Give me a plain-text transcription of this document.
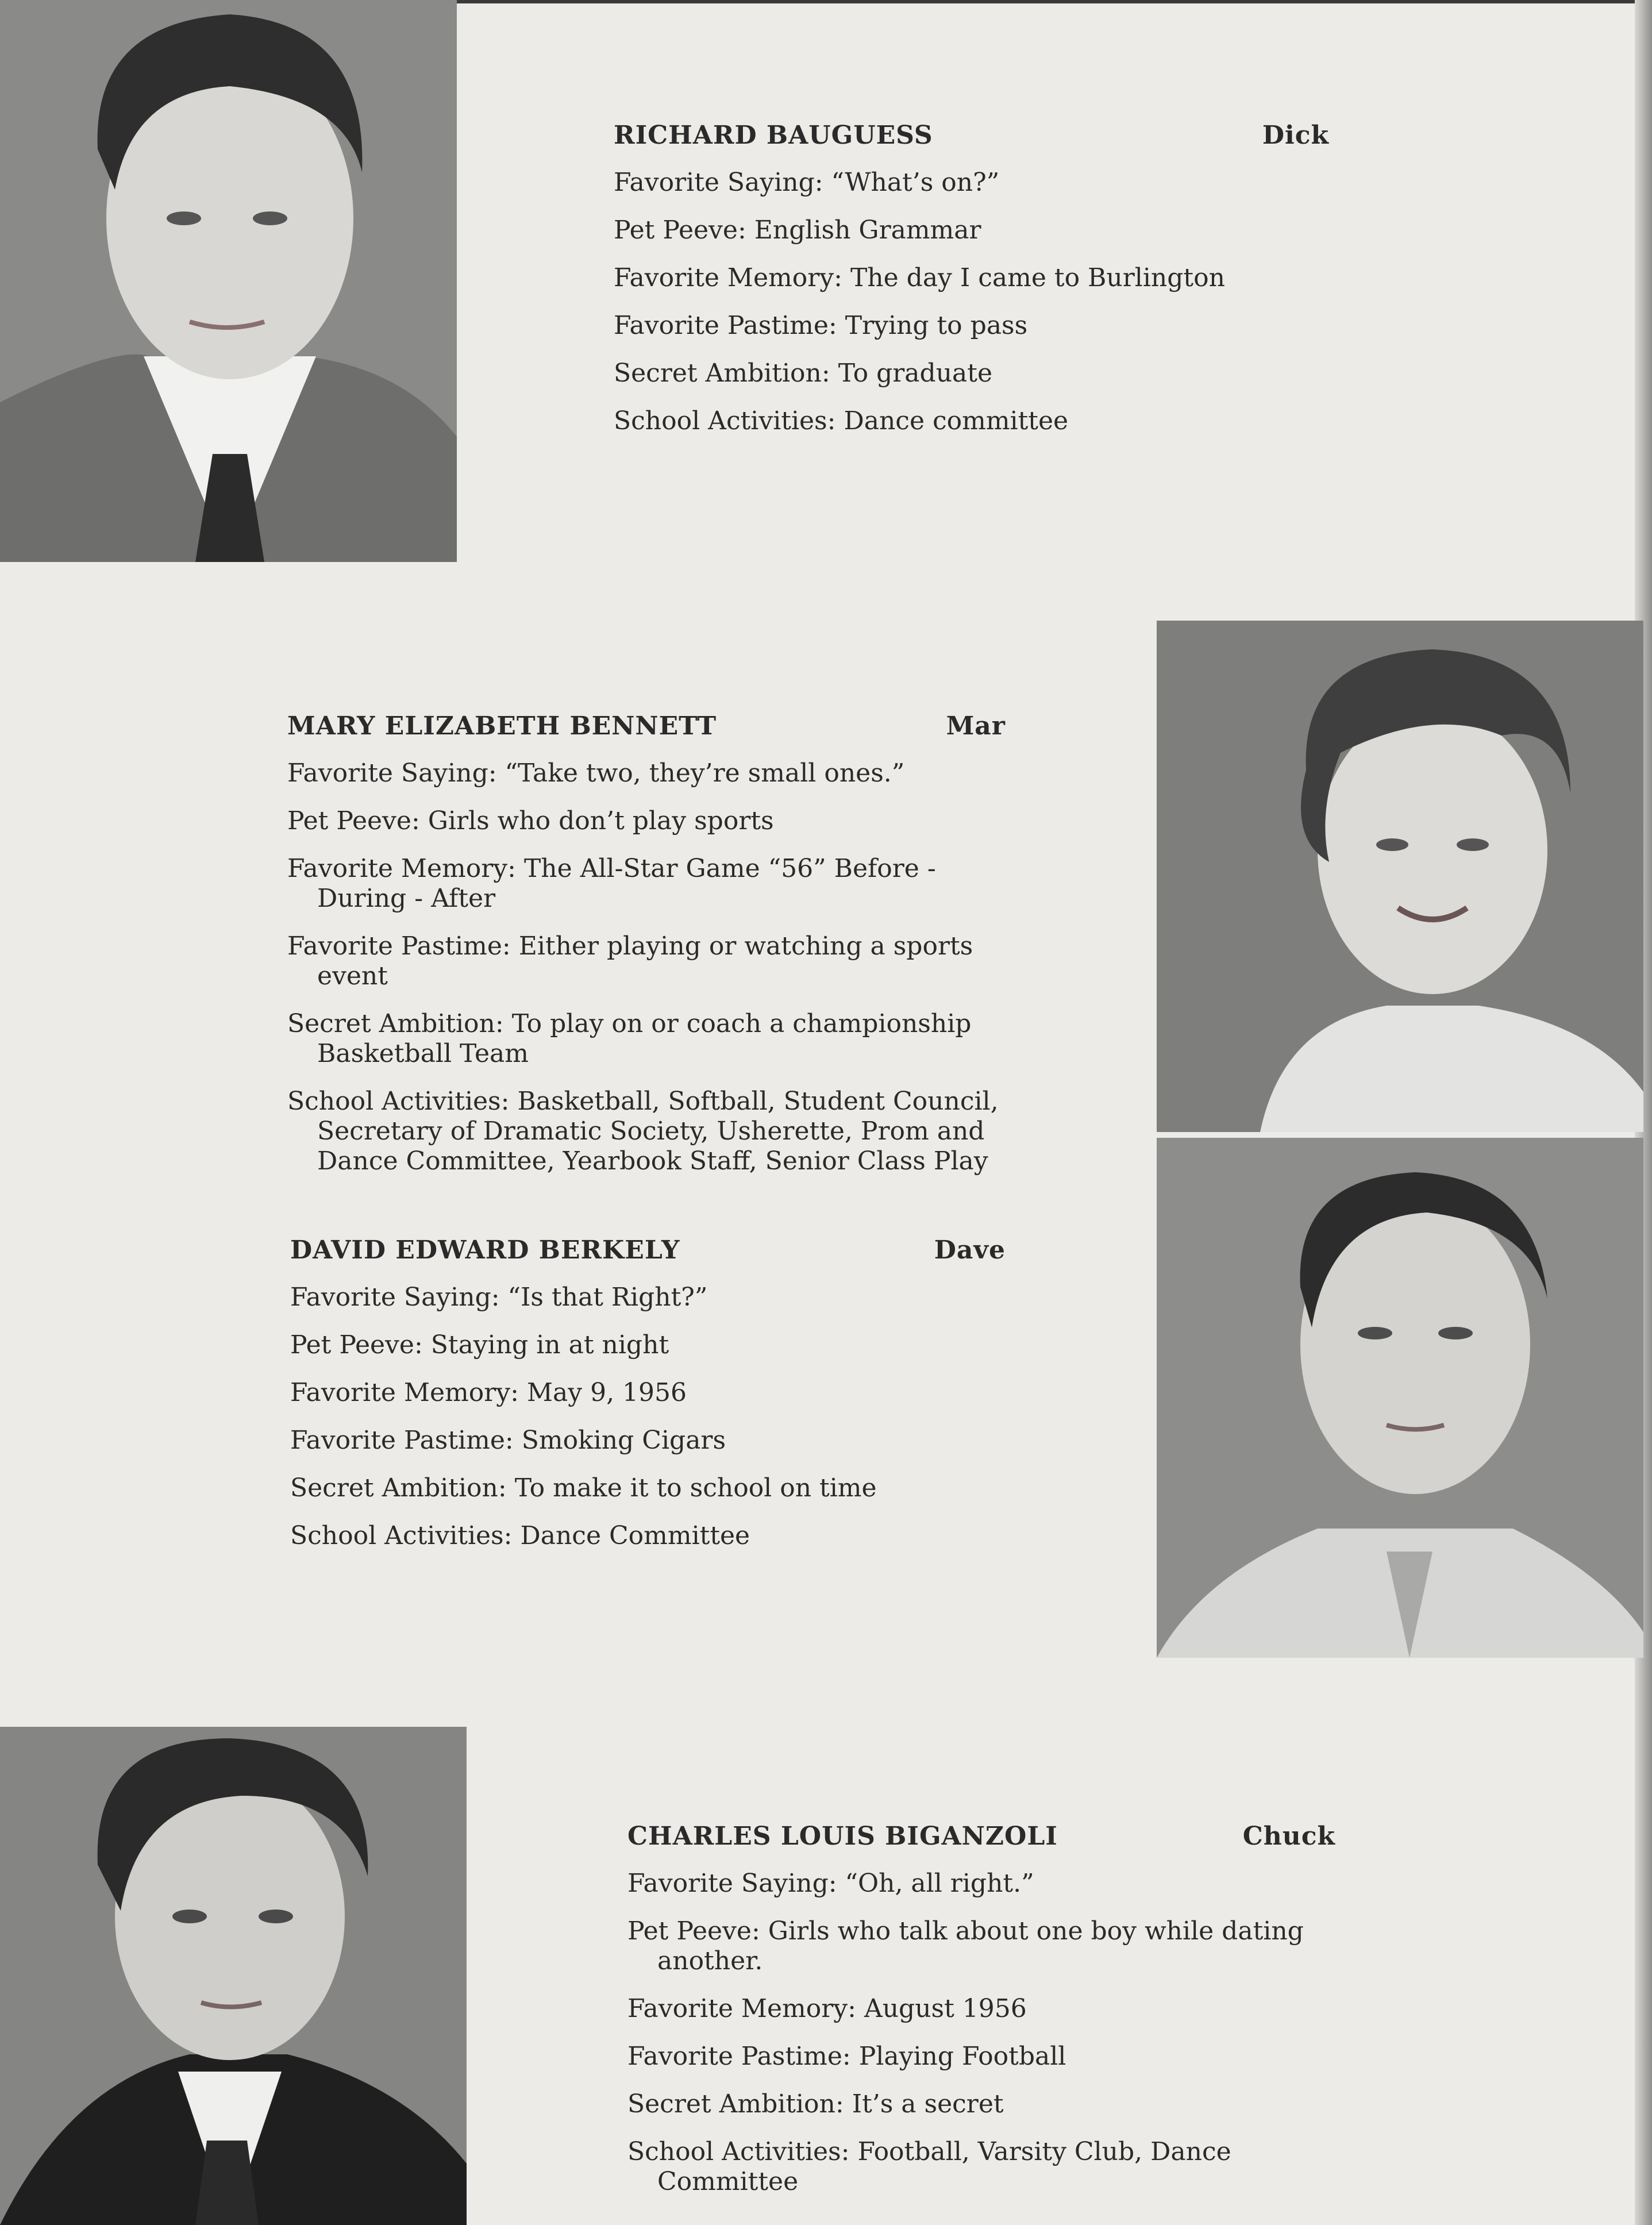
RICHARD BAUGUESS	Dick
Favorite Saying: “What’s on?”
Pet Peeve: English Grammar
Favorite Memory: The day I came to Burlington
Favorite Pastime: Trying to pass
Secret Ambition: To graduate
School Activities: Dance committee
MARY ELIZABETH BENNETT	Mar
Favorite Saying: “Take two, they’re small ones.”
Pet Peeve: Girls who don’t play sports
Favorite Memory: The All-Star Game “56” Before - During - After
Favorite Pastime: Either playing or watching a sports event
Secret Ambition: To play on or coach a championship Basketball Team
School Activities: Basketball, Softball, Student Council, Secretary of Dramatic Society, Usherette, Prom and Dance Committee, Yearbook Staff, Senior Class Play
DAVID EDWARD BERKELY	Dave
Favorite Saying: “Is that Right?”
Pet Peeve: Staying in at night
Favorite Memory: May 9, 1956
Favorite Pastime: Smoking Cigars
Secret Ambition: To make it to school on time
School Activities: Dance Committee
CHARLES LOUIS BIGANZOLI	Chuck
Favorite Saying: “Oh, all right.”
Pet Peeve: Girls who talk about one boy while dating another.
Favorite Memory: August 1956
Favorite Pastime: Playing Football
Secret Ambition: It’s a secret
School Activities: Football, Varsity Club, Dance Committee
